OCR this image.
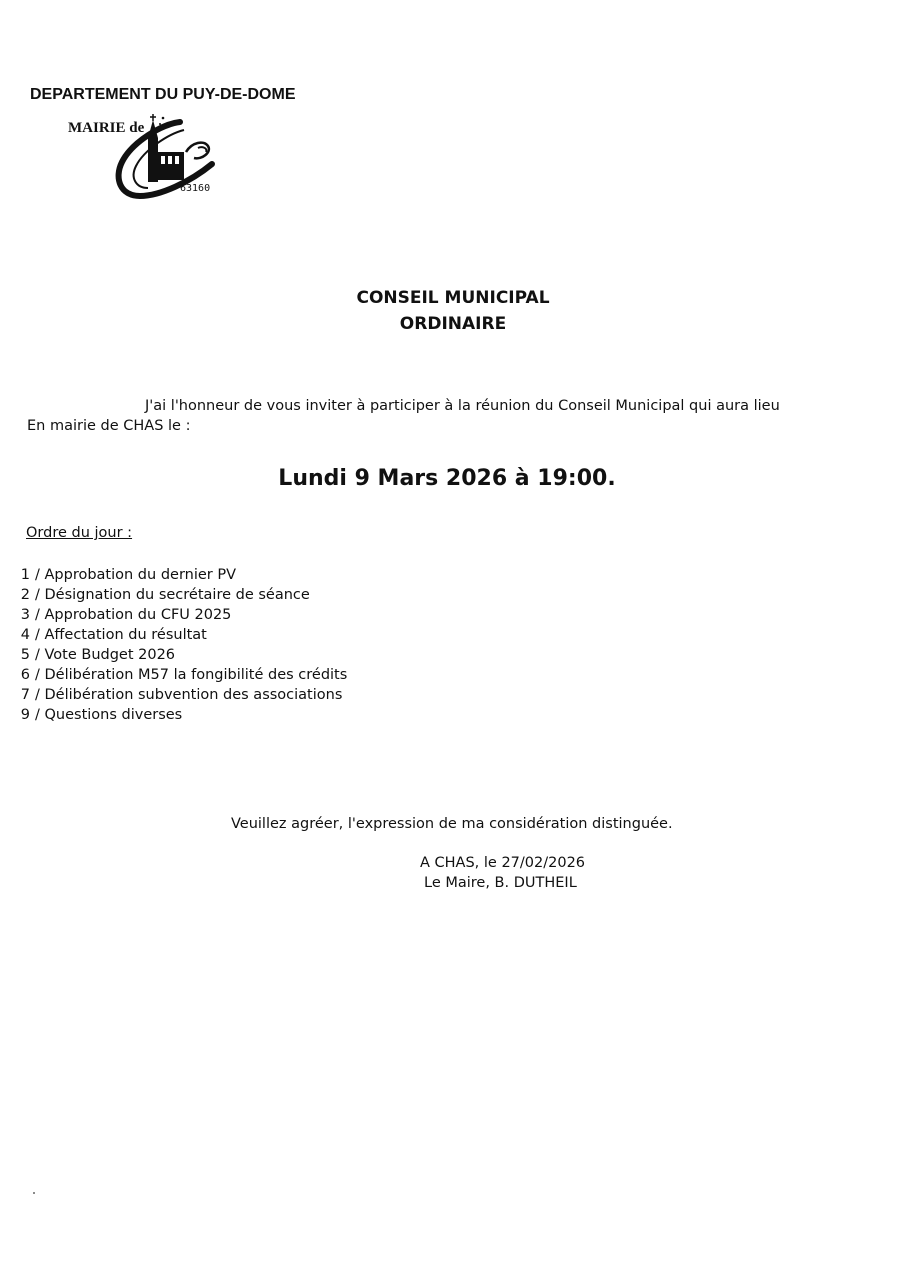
DEPARTEMENT DU PUY-DE-DOME
MAIRIE de
63160
CONSEIL MUNICIPAL
ORDINAIRE
J'ai l'honneur de vous inviter à participer à la réunion du Conseil Municipal qui aura lieu
En mairie de CHAS le :
Lundi 9 Mars 2026 à 19:00.
Ordre du jour :
1 / Approbation du dernier PV
2 / Désignation du secrétaire de séance
3 / Approbation du CFU 2025
4 / Affectation du résultat
5 / Vote Budget 2026
6 / Délibération M57 la fongibilité des crédits
7 / Délibération subvention des associations
9 / Questions diverses
Veuillez agréer, l'expression de ma considération distinguée.
A CHAS, le 27/02/2026
Le Maire, B. DUTHEIL
